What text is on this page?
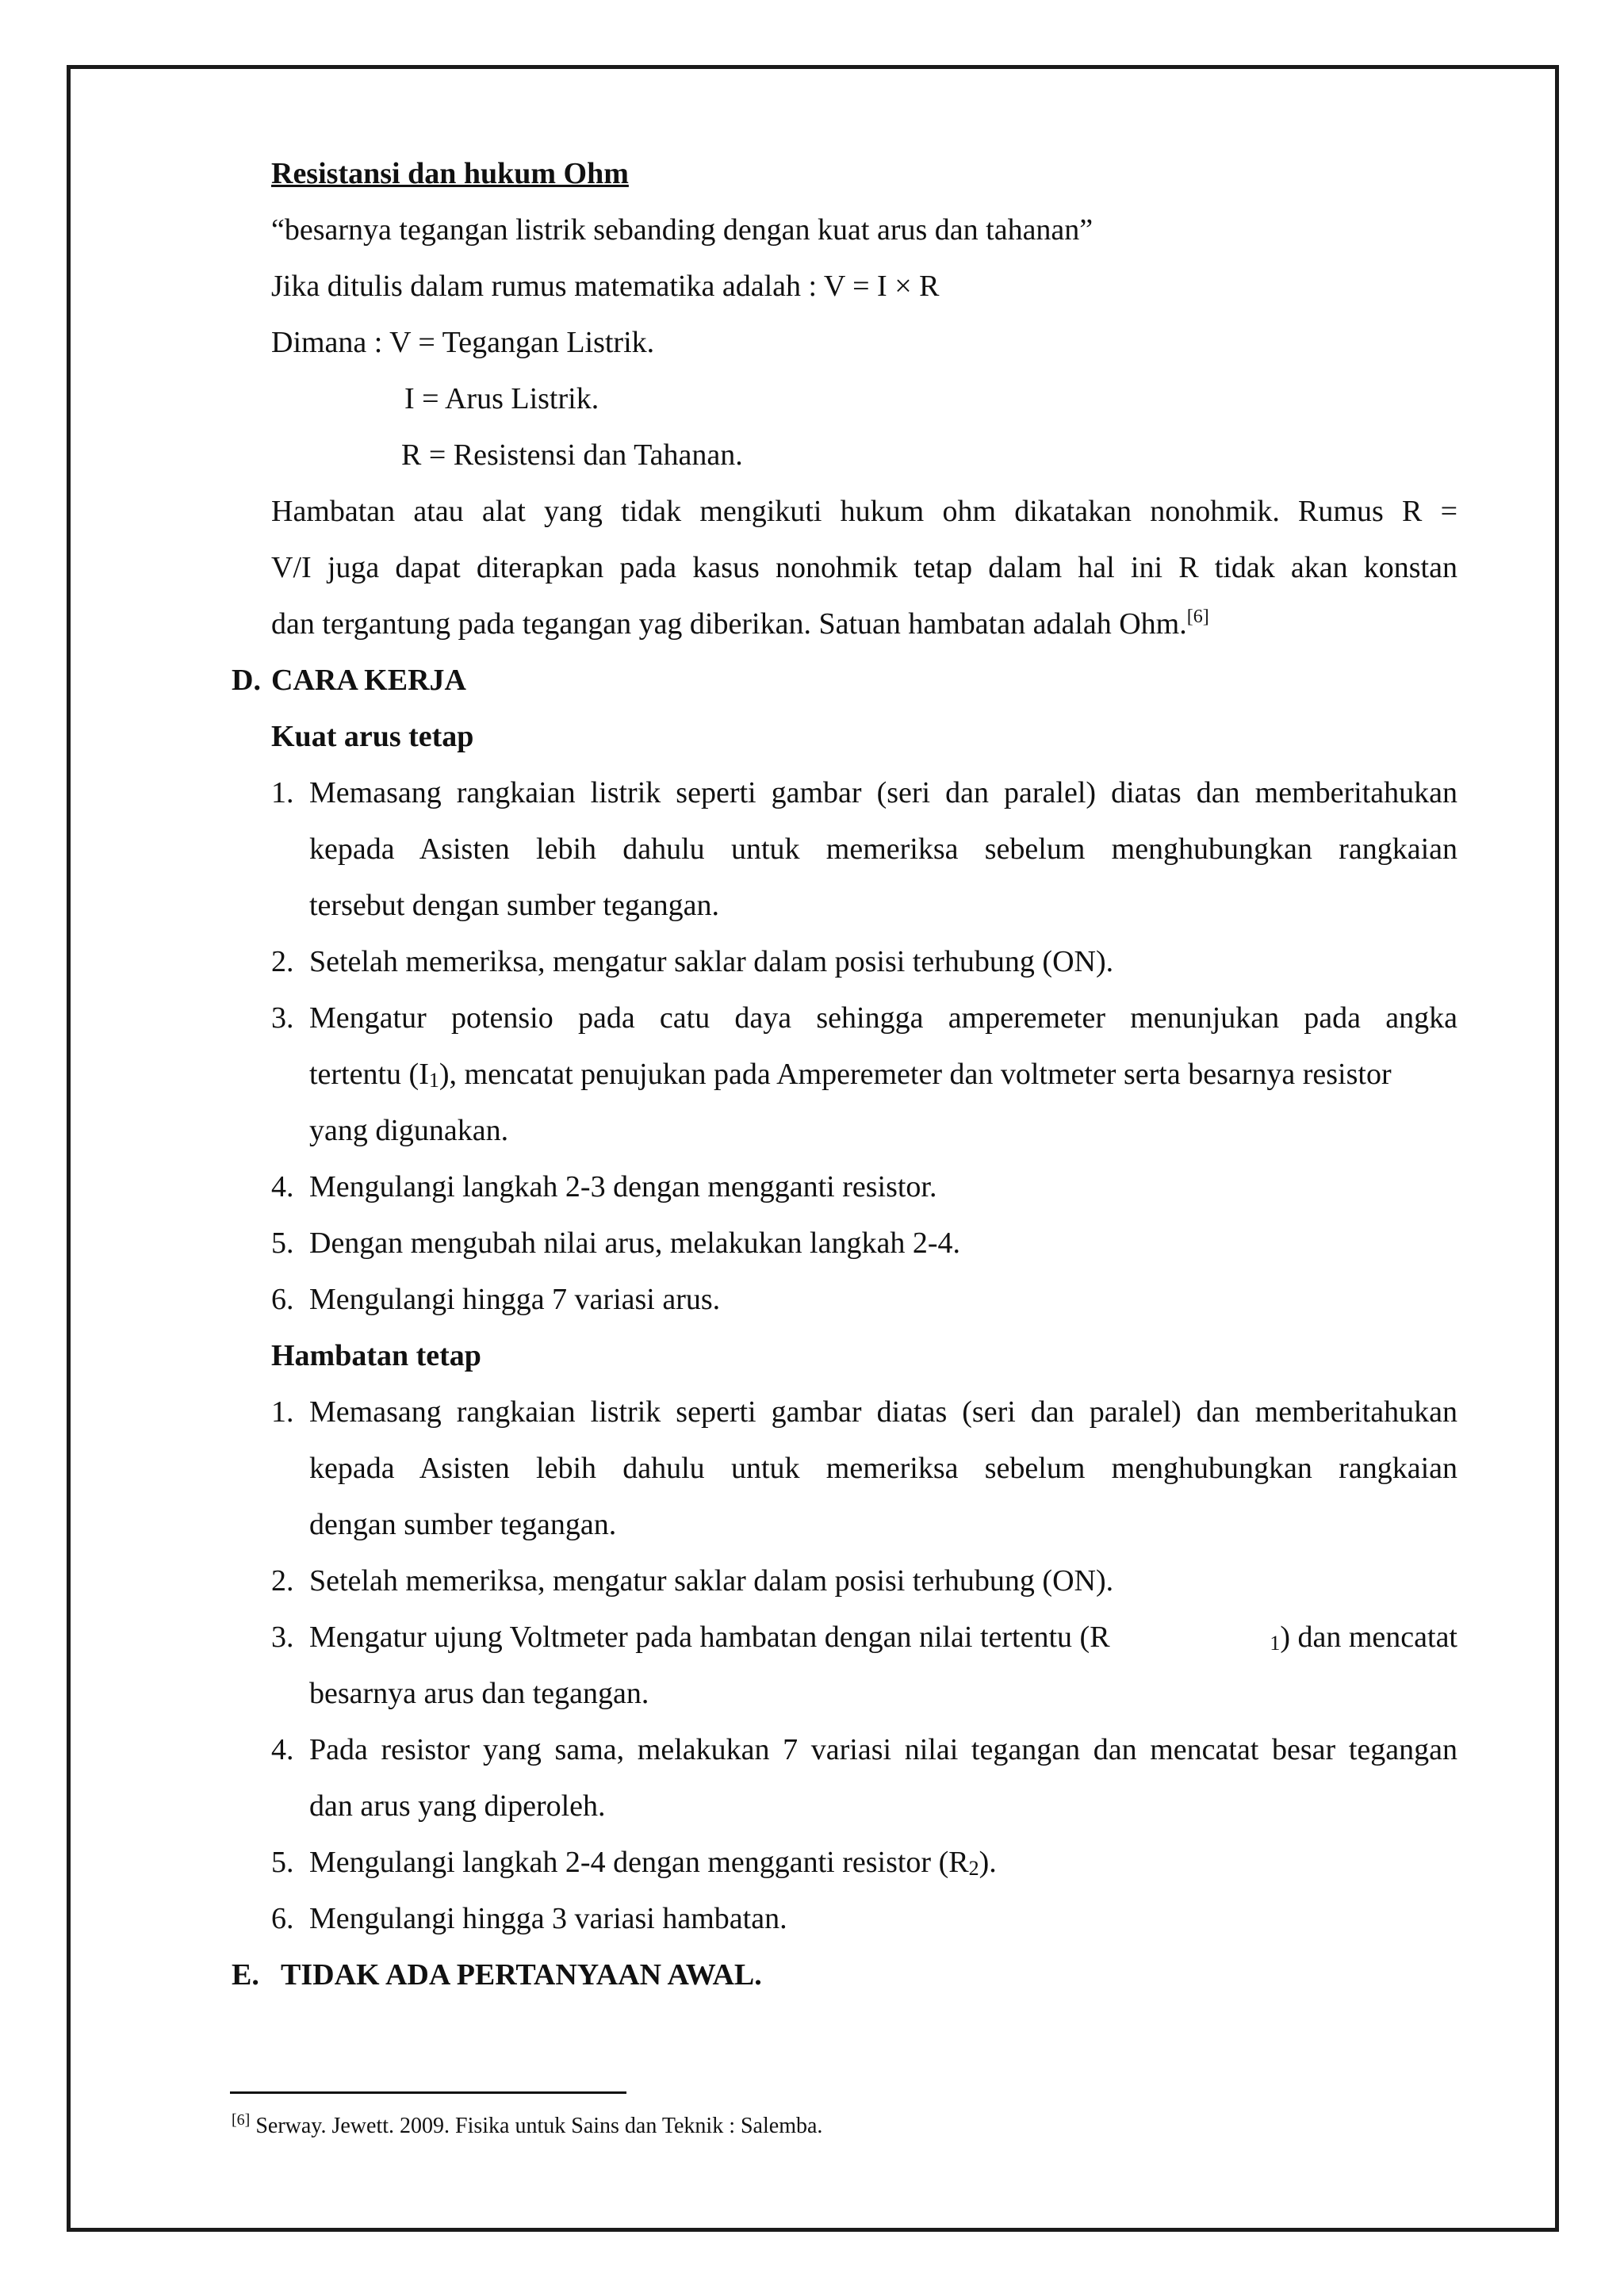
Resistansi dan hukum Ohm
“besarnya tegangan listrik sebanding dengan kuat arus dan tahanan”
Jika ditulis dalam rumus matematika adalah : V = I × R
Dimana : V = Tegangan Listrik.
I = Arus Listrik.
R = Resistensi dan Tahanan.
Hambatan atau alat yang tidak mengikuti hukum ohm dikatakan nonohmik. Rumus R =
V/I juga dapat diterapkan pada kasus nonohmik tetap dalam hal ini R tidak akan konstan
dan tergantung pada tegangan yag diberikan. Satuan hambatan adalah Ohm.[6]
D. CARA KERJA
Kuat arus tetap
1. Memasang rangkaian listrik seperti gambar (seri dan paralel) diatas dan memberitahukan
kepada Asisten lebih dahulu untuk memeriksa sebelum menghubungkan rangkaian
tersebut dengan sumber tegangan.
2. Setelah memeriksa, mengatur saklar dalam posisi terhubung (ON).
3. Mengatur potensio pada catu daya sehingga amperemeter menunjukan pada angka
tertentu $(I_1)$, mencatat penujukan pada Amperemeter dan voltmeter serta besarnya resistor
yang digunakan.
4. Mengulangi langkah 2-3 dengan mengganti resistor.
5. Dengan mengubah nilai arus, melakukan langkah 2-4.
6. Mengulangi hingga 7 variasi arus.
Hambatan tetap
1. Memasang rangkaian listrik seperti gambar diatas (seri dan paralel) dan memberitahukan
kepada Asisten lebih dahulu untuk memeriksa sebelum menghubungkan rangkaian
dengan sumber tegangan.
2. Setelah memeriksa, mengatur saklar dalam posisi terhubung (ON).
3. Mengatur ujung Voltmeter pada hambatan dengan nilai tertentu (R	$_1$) dan mencatat
besarnya arus dan tegangan.
4. Pada resistor yang sama, melakukan 7 variasi nilai tegangan dan mencatat besar tegangan
dan arus yang diperoleh.
5. Mengulangi langkah 2-4 dengan mengganti resistor $(R_2)$.
6. Mengulangi hingga 3 variasi hambatan.
E. TIDAK ADA PERTANYAAN AWAL.
[6] Serway. Jewett. 2009. Fisika untuk Sains dan Teknik : Salemba.
